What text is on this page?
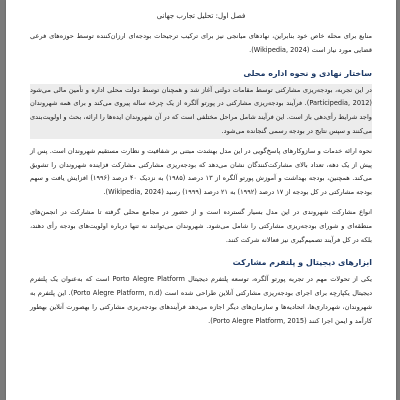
فصل اول: تحلیل تجارب جهانی

منابع برای محله خاص خود بنابراین، نهادهای میانجی نیز برای ترکیب ترجیحات بودجه‌ای ارزان‌کننده توسط حوزه‌های فرعی قضایی مورد نیاز است (Wikipedia, 2024).

ساختار نهادی و نحوه اداره محلی

در این تجربه، بودجه‌ریزی مشارکتی توسط مقامات دولتی آغاز شد و همچنان توسط دولت محلی اداره و تأمین مالی می‌شود (Participedia, 2012). فرآیند بودجه‌ریزی مشارکتی در پورتو آلگره از یک چرخه ساله پیروی می‌کند و برای همه شهروندان واجد شرایط رأی‌دهی باز است. این فرآیند شامل مراحل مختلفی است که در آن شهروندان ایده‌ها را ارائه، بحث و اولویت‌بندی می‌کنند و سپس نتایج در بودجه رسمی گنجانده می‌شود.

نحوه ارائه خدمات و سازوکارهای پاسخ‌گویی در این مدل بهشدت مبتنی بر شفافیت و نظارت مستقیم شهروندان است. پس از پیش از یک دهه، تعداد بالای مشارکت‌کنندگان نشان می‌دهد که بودجه‌ریزی مشارکتی مشارکت فزاینده شهروندان را تشویق می‌کند. همچنین، بودجه بهداشت و آموزش پورتو آلگره از ۱۳ درصد (۱۹۸۵) به نزدیک ۴۰ درصد (۱۹۹۶) افزایش یافت و سهم بودجه مشارکتی در کل بودجه از ۱۷ درصد (۱۹۹۲) به ۲۱ درصد (۱۹۹۹) رسید (Wikipedia, 2024).

انواع مشارکت شهروندی در این مدل بسیار گسترده است و از حضور در مجامع محلی گرفته تا مشارکت در انجمن‌های منطقه‌ای و شورای بودجه‌ریزی مشارکتی را شامل می‌شود. شهروندان می‌توانند نه تنها درباره اولویت‌های بودجه رأی دهند، بلکه در کل فرآیند تصمیم‌گیری نیز فعالانه شرکت کنند.

ابزارهای دیجیتال و پلتفرم مشارکت

یکی از تحولات مهم در تجربه پورتو آلگره، توسعه پلتفرم دیجیتال Porto Alegre Platform است که به‌عنوان یک پلتفرم دیجیتال یکپارچه برای اجرای بودجه‌ریزی مشارکتی آنلاین طراحی شده است (Porto Alegre Platform, n.d). این پلتفرم به شهروندان، شهرداری‌ها، اتحادیه‌ها و سازمان‌های دیگر اجازه می‌دهد فرآیندهای بودجه‌ریزی مشارکتی را بهصورت آنلاین بهطور کارآمد و ایمن اجرا کنند (Porto Alegre Platform, 2015).
